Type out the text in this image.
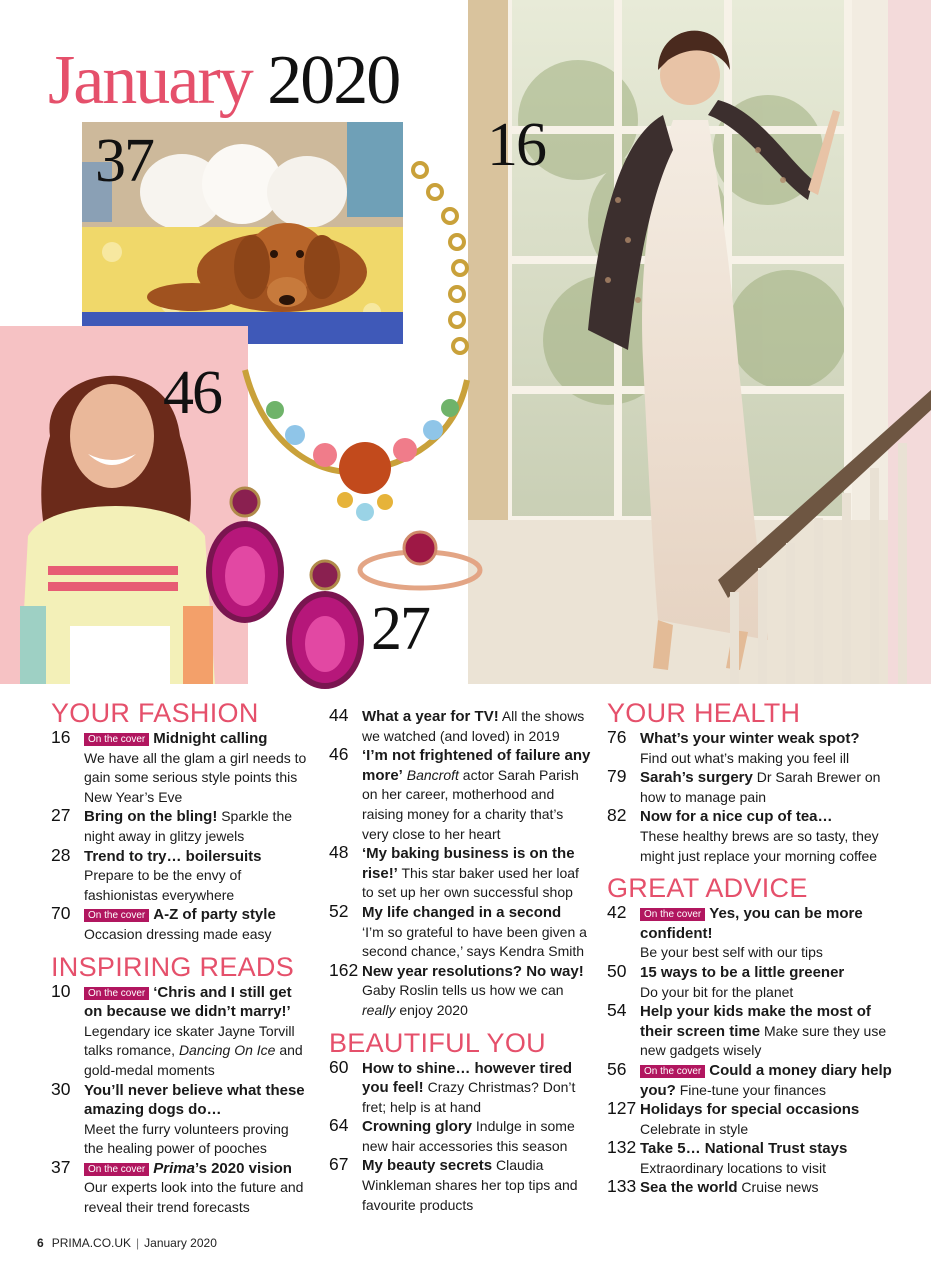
37	16
46
27
January 2020
YOUR FASHION

16 On the cover Midnight calling
We have all the glam a girl needs to gain some serious style points this New Year’s Eve

27 Bring on the bling! Sparkle the night away in glitzy jewels

28 Trend to try… boilersuits
Prepare to be the envy of fashionistas everywhere

70 On the cover A-Z of party style
Occasion dressing made easy

INSPIRING READS

10 On the cover ‘Chris and I still get on because we didn’t marry!’
Legendary ice skater Jayne Torvill talks romance, Dancing On Ice and gold-medal moments

30 You’ll never believe what these amazing dogs do…
Meet the furry volunteers proving the healing power of pooches

37 On the cover Prima’s 2020 vision
Our experts look into the future and reveal their trend forecasts

44 What a year for TV! All the shows we watched (and loved) in 2019

46 ‘I’m not frightened of failure any more’ Bancroft actor Sarah Parish on her career, motherhood and raising money for a charity that’s very close to her heart

48 ‘My baking business is on the rise!’ This star baker used her loaf to set up her own successful shop

52 My life changed in a second
‘I’m so grateful to have been given a second chance,’ says Kendra Smith

162 New year resolutions? No way! Gaby Roslin tells us how we can really enjoy 2020

BEAUTIFUL YOU

60 How to shine… however tired you feel! Crazy Christmas? Don’t fret; help is at hand

64 Crowning glory Indulge in some new hair accessories this season

67 My beauty secrets Claudia Winkleman shares her top tips and favourite products

YOUR HEALTH

76 What’s your winter weak spot?
Find out what’s making you feel ill

79 Sarah’s surgery Dr Sarah Brewer on how to manage pain

82 Now for a nice cup of tea…
These healthy brews are so tasty, they might just replace your morning coffee

GREAT ADVICE

42 On the cover Yes, you can be more confident!
Be your best self with our tips

50 15 ways to be a little greener
Do your bit for the planet

54 Help your kids make the most of their screen time Make sure they use new gadgets wisely

56 On the cover Could a money diary help you? Fine-tune your finances

127 Holidays for special occasions
Celebrate in style

132 Take 5… National Trust stays
Extraordinary locations to visit

133 Sea the world Cruise news

6 PRIMA.CO.UK | January 2020
